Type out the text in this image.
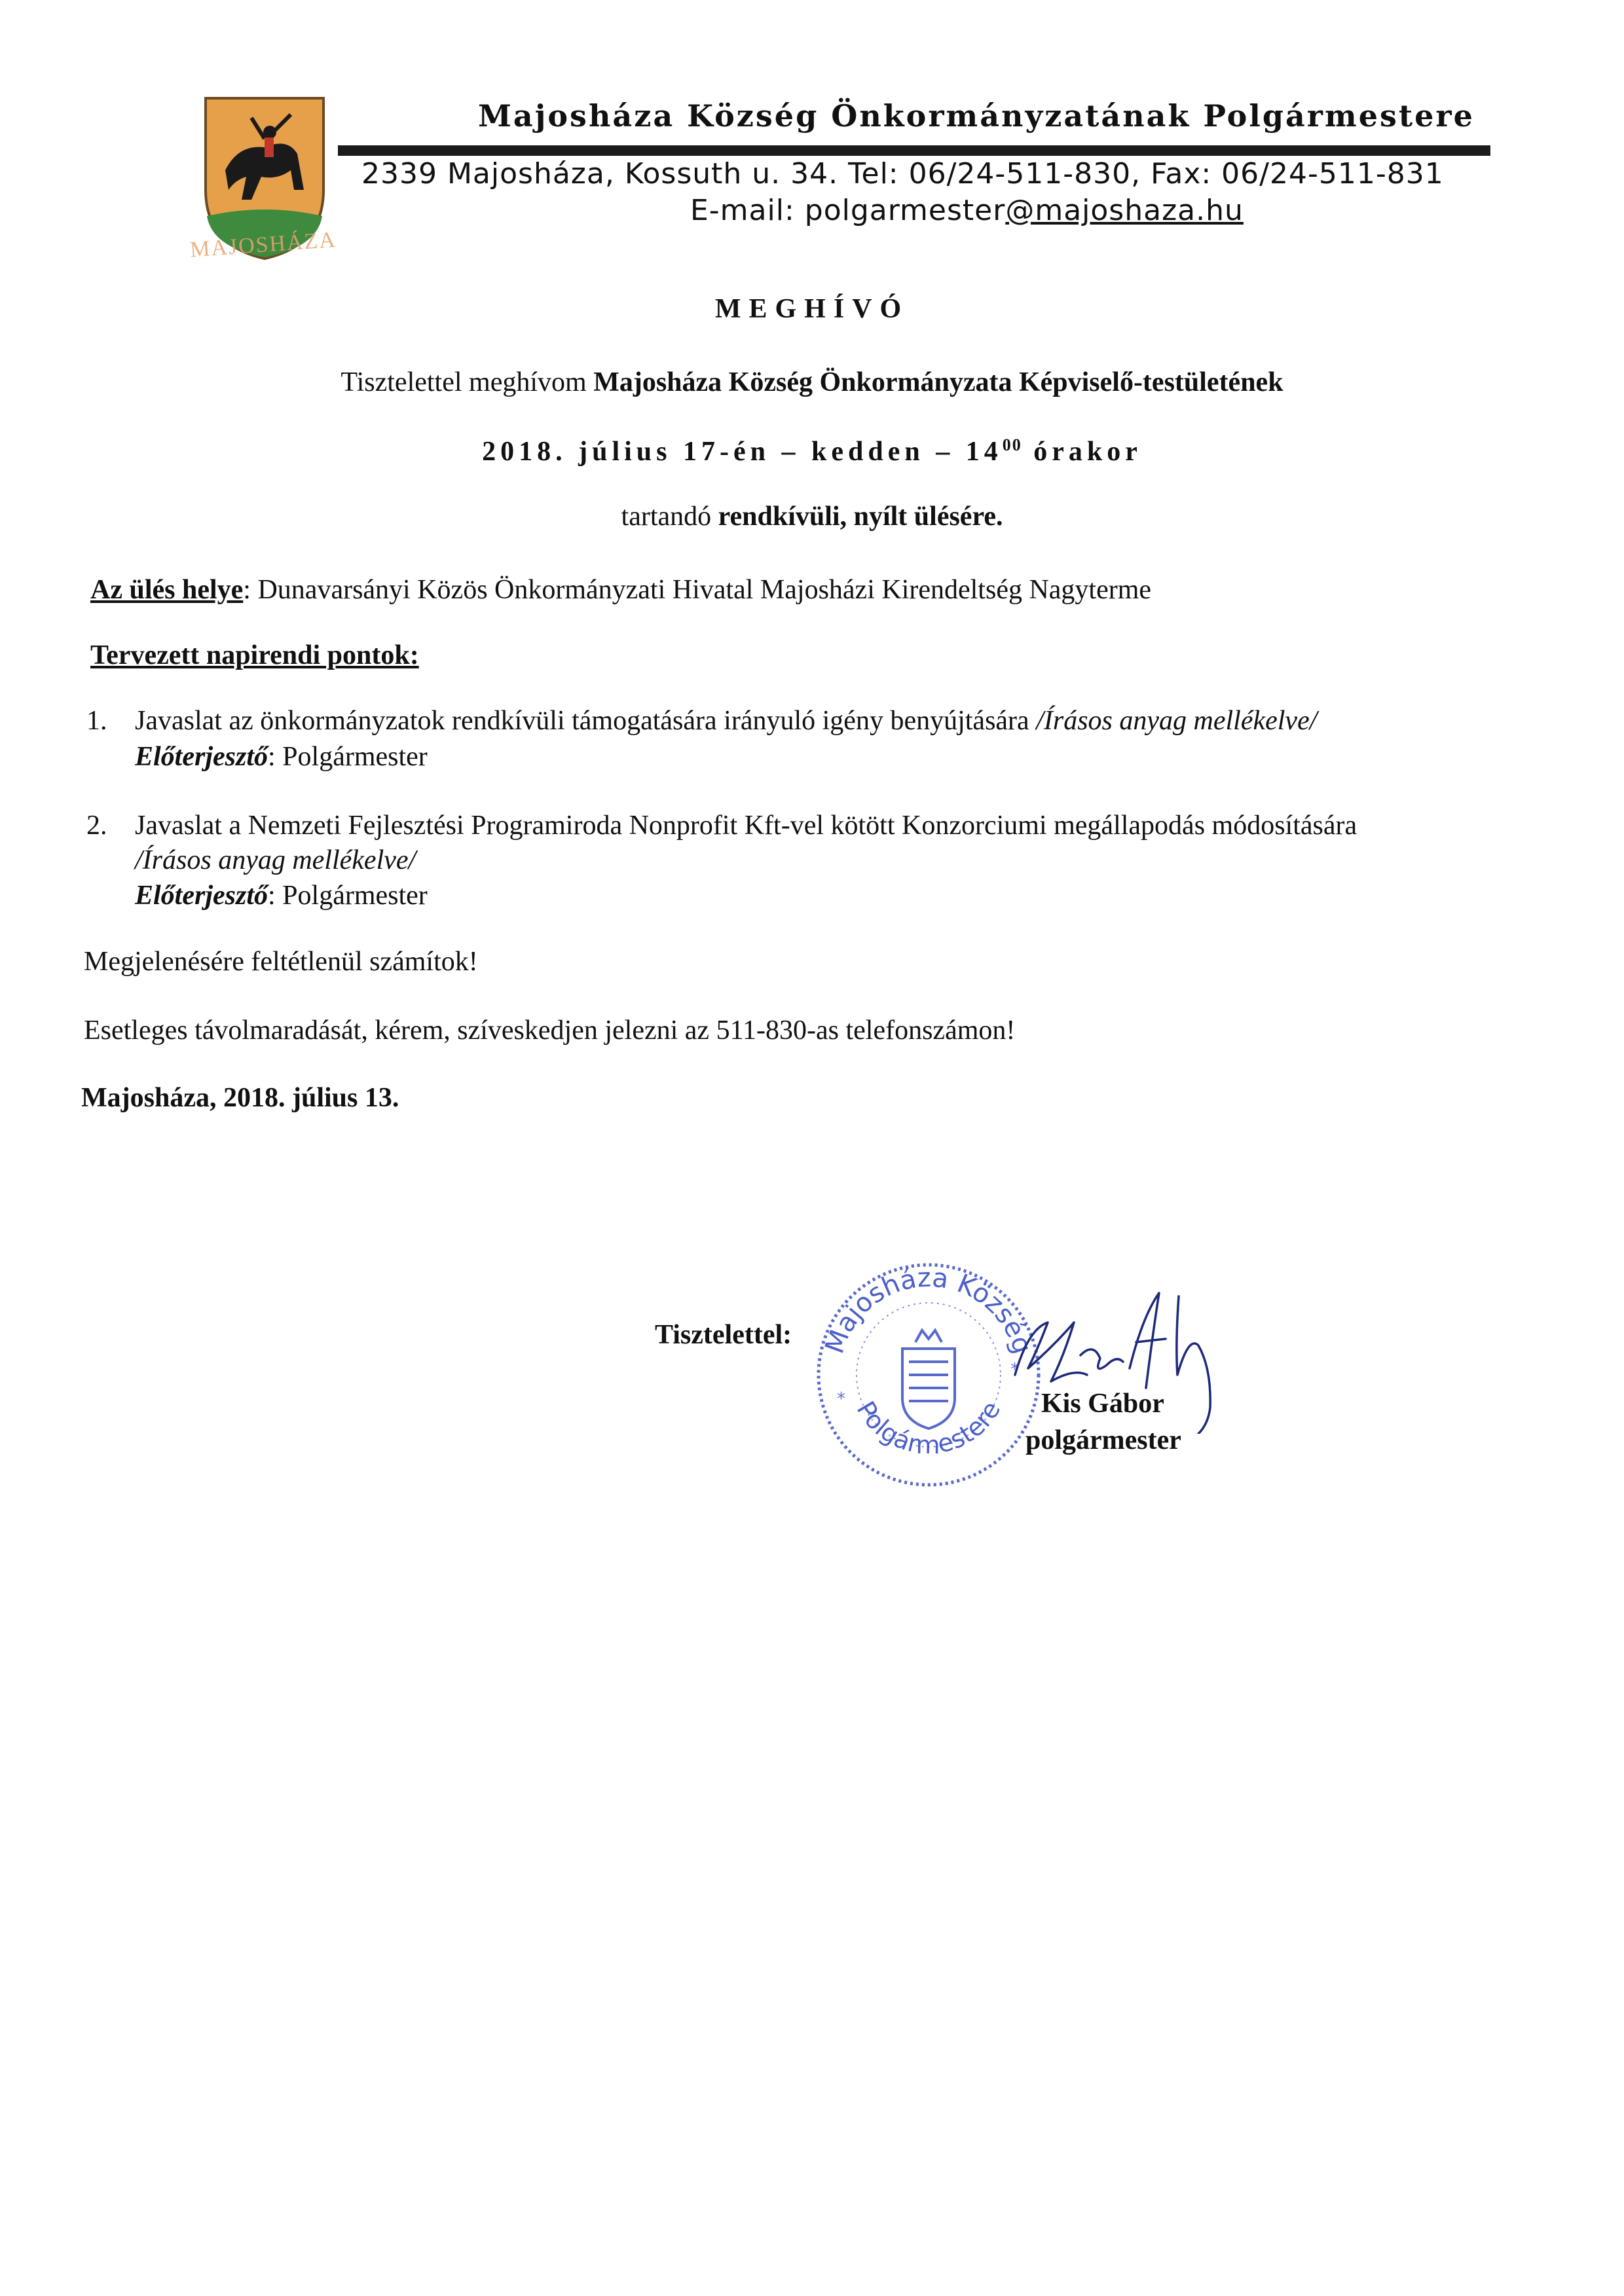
MAJOSHÁZA
Majosháza Község Önkormányzatának Polgármestere
2339 Majosháza, Kossuth u. 34. Tel: 06/24-511-830, Fax: 06/24-511-831
E-mail: polgarmester@majoshaza.hu
MEGHÍVÓ
Tisztelettel meghívom Majosháza Község Önkormányzata Képviselő-testületének
2018. július 17-én – kedden – $14^{00}$ órakor
tartandó rendkívüli, nyílt ülésére.
Az ülés helye: Dunavarsányi Közös Önkormányzati Hivatal Majosházi Kirendeltség Nagyterme
Tervezett napirendi pontok:
1. Javaslat az önkormányzatok rendkívüli támogatására irányuló igény benyújtására /Írásos anyag mellékelve/
Előterjesztő: Polgármester
2. Javaslat a Nemzeti Fejlesztési Programiroda Nonprofit Kft-vel kötött Konzorciumi megállapodás módosítására
/Írásos anyag mellékelve/
Előterjesztő: Polgármester
Megjelenésére feltétlenül számítok!
Esetleges távolmaradását, kérem, szíveskedjen jelezni az 511-830-as telefonszámon!
Majosháza, 2018. július 13.
Tisztelettel: Majosháza Község
Polgármestere
*
*
Kis Gábor
polgármester
